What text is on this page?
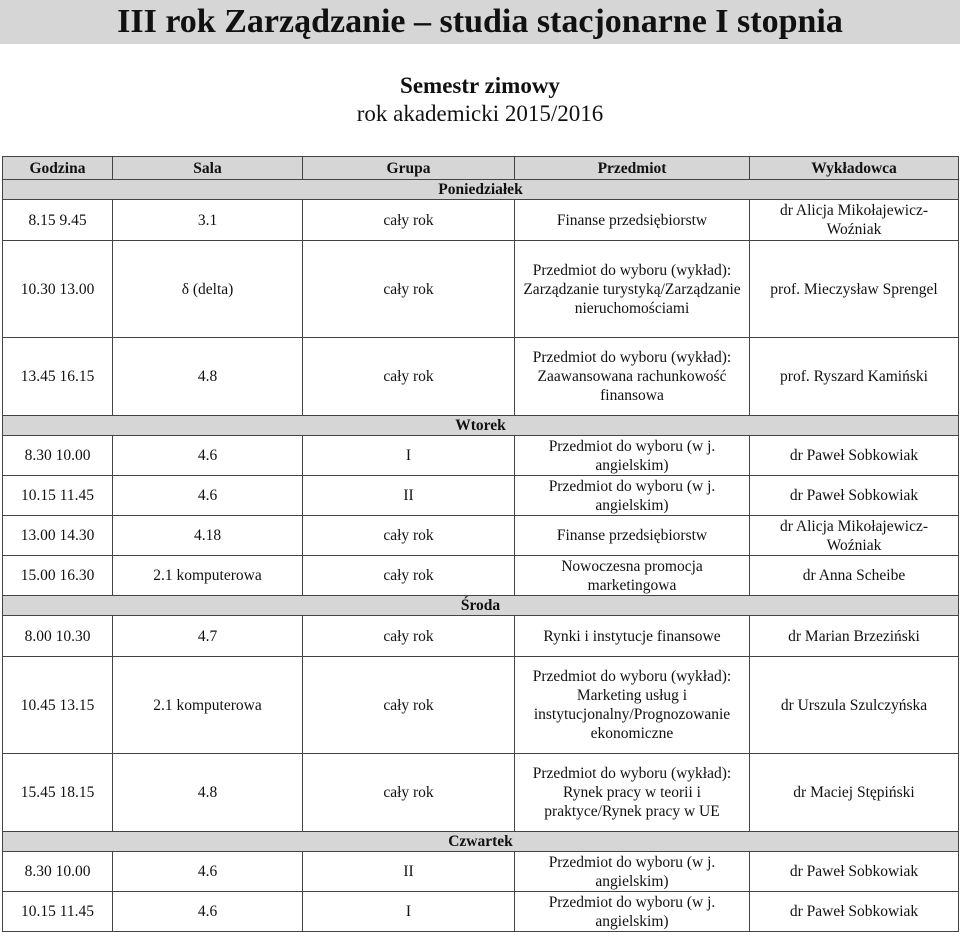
III rok Zarządzanie – studia stacjonarne I stopnia
Semestr zimowy
rok akademicki 2015/2016
Godzina	Sala	Grupa	Przedmiot	Wykładowca
Poniedziałek				
8.15 9.45	3.1	cały rok	Finanse przedsiębiorstw	dr Alicja Mikołajewicz-Woźniak
10.30 13.00	δ (delta)	cały rok	Przedmiot do wyboru (wykład): Zarządzanie turystyką/Zarządzanie nieruchomościami	prof. Mieczysław Sprengel
13.45 16.15	4.8	cały rok	Przedmiot do wyboru (wykład): Zaawansowana rachunkowość finansowa	prof. Ryszard Kamiński
Wtorek				
8.30 10.00	4.6	I	Przedmiot do wyboru (w j. angielskim)	dr Paweł Sobkowiak
10.15 11.45	4.6	II	Przedmiot do wyboru (w j. angielskim)	dr Paweł Sobkowiak
13.00 14.30	4.18	cały rok	Finanse przedsiębiorstw	dr Alicja Mikołajewicz-Woźniak
15.00 16.30	2.1 komputerowa	cały rok	Nowoczesna promocja marketingowa	dr Anna Scheibe
Środa				
8.00 10.30	4.7	cały rok	Rynki i instytucje finansowe	dr Marian Brzeziński
10.45 13.15	2.1 komputerowa	cały rok	Przedmiot do wyboru (wykład): Marketing usług i instytucjonalny/Prognozowanie ekonomiczne	dr Urszula Szulczyńska
15.45 18.15	4.8	cały rok	Przedmiot do wyboru (wykład): Rynek pracy w teorii i praktyce/Rynek pracy w UE	dr Maciej Stępiński
Czwartek				
8.30 10.00	4.6	II	Przedmiot do wyboru (w j. angielskim)	dr Paweł Sobkowiak
10.15 11.45	4.6	I	Przedmiot do wyboru (w j. angielskim)	dr Paweł Sobkowiak
